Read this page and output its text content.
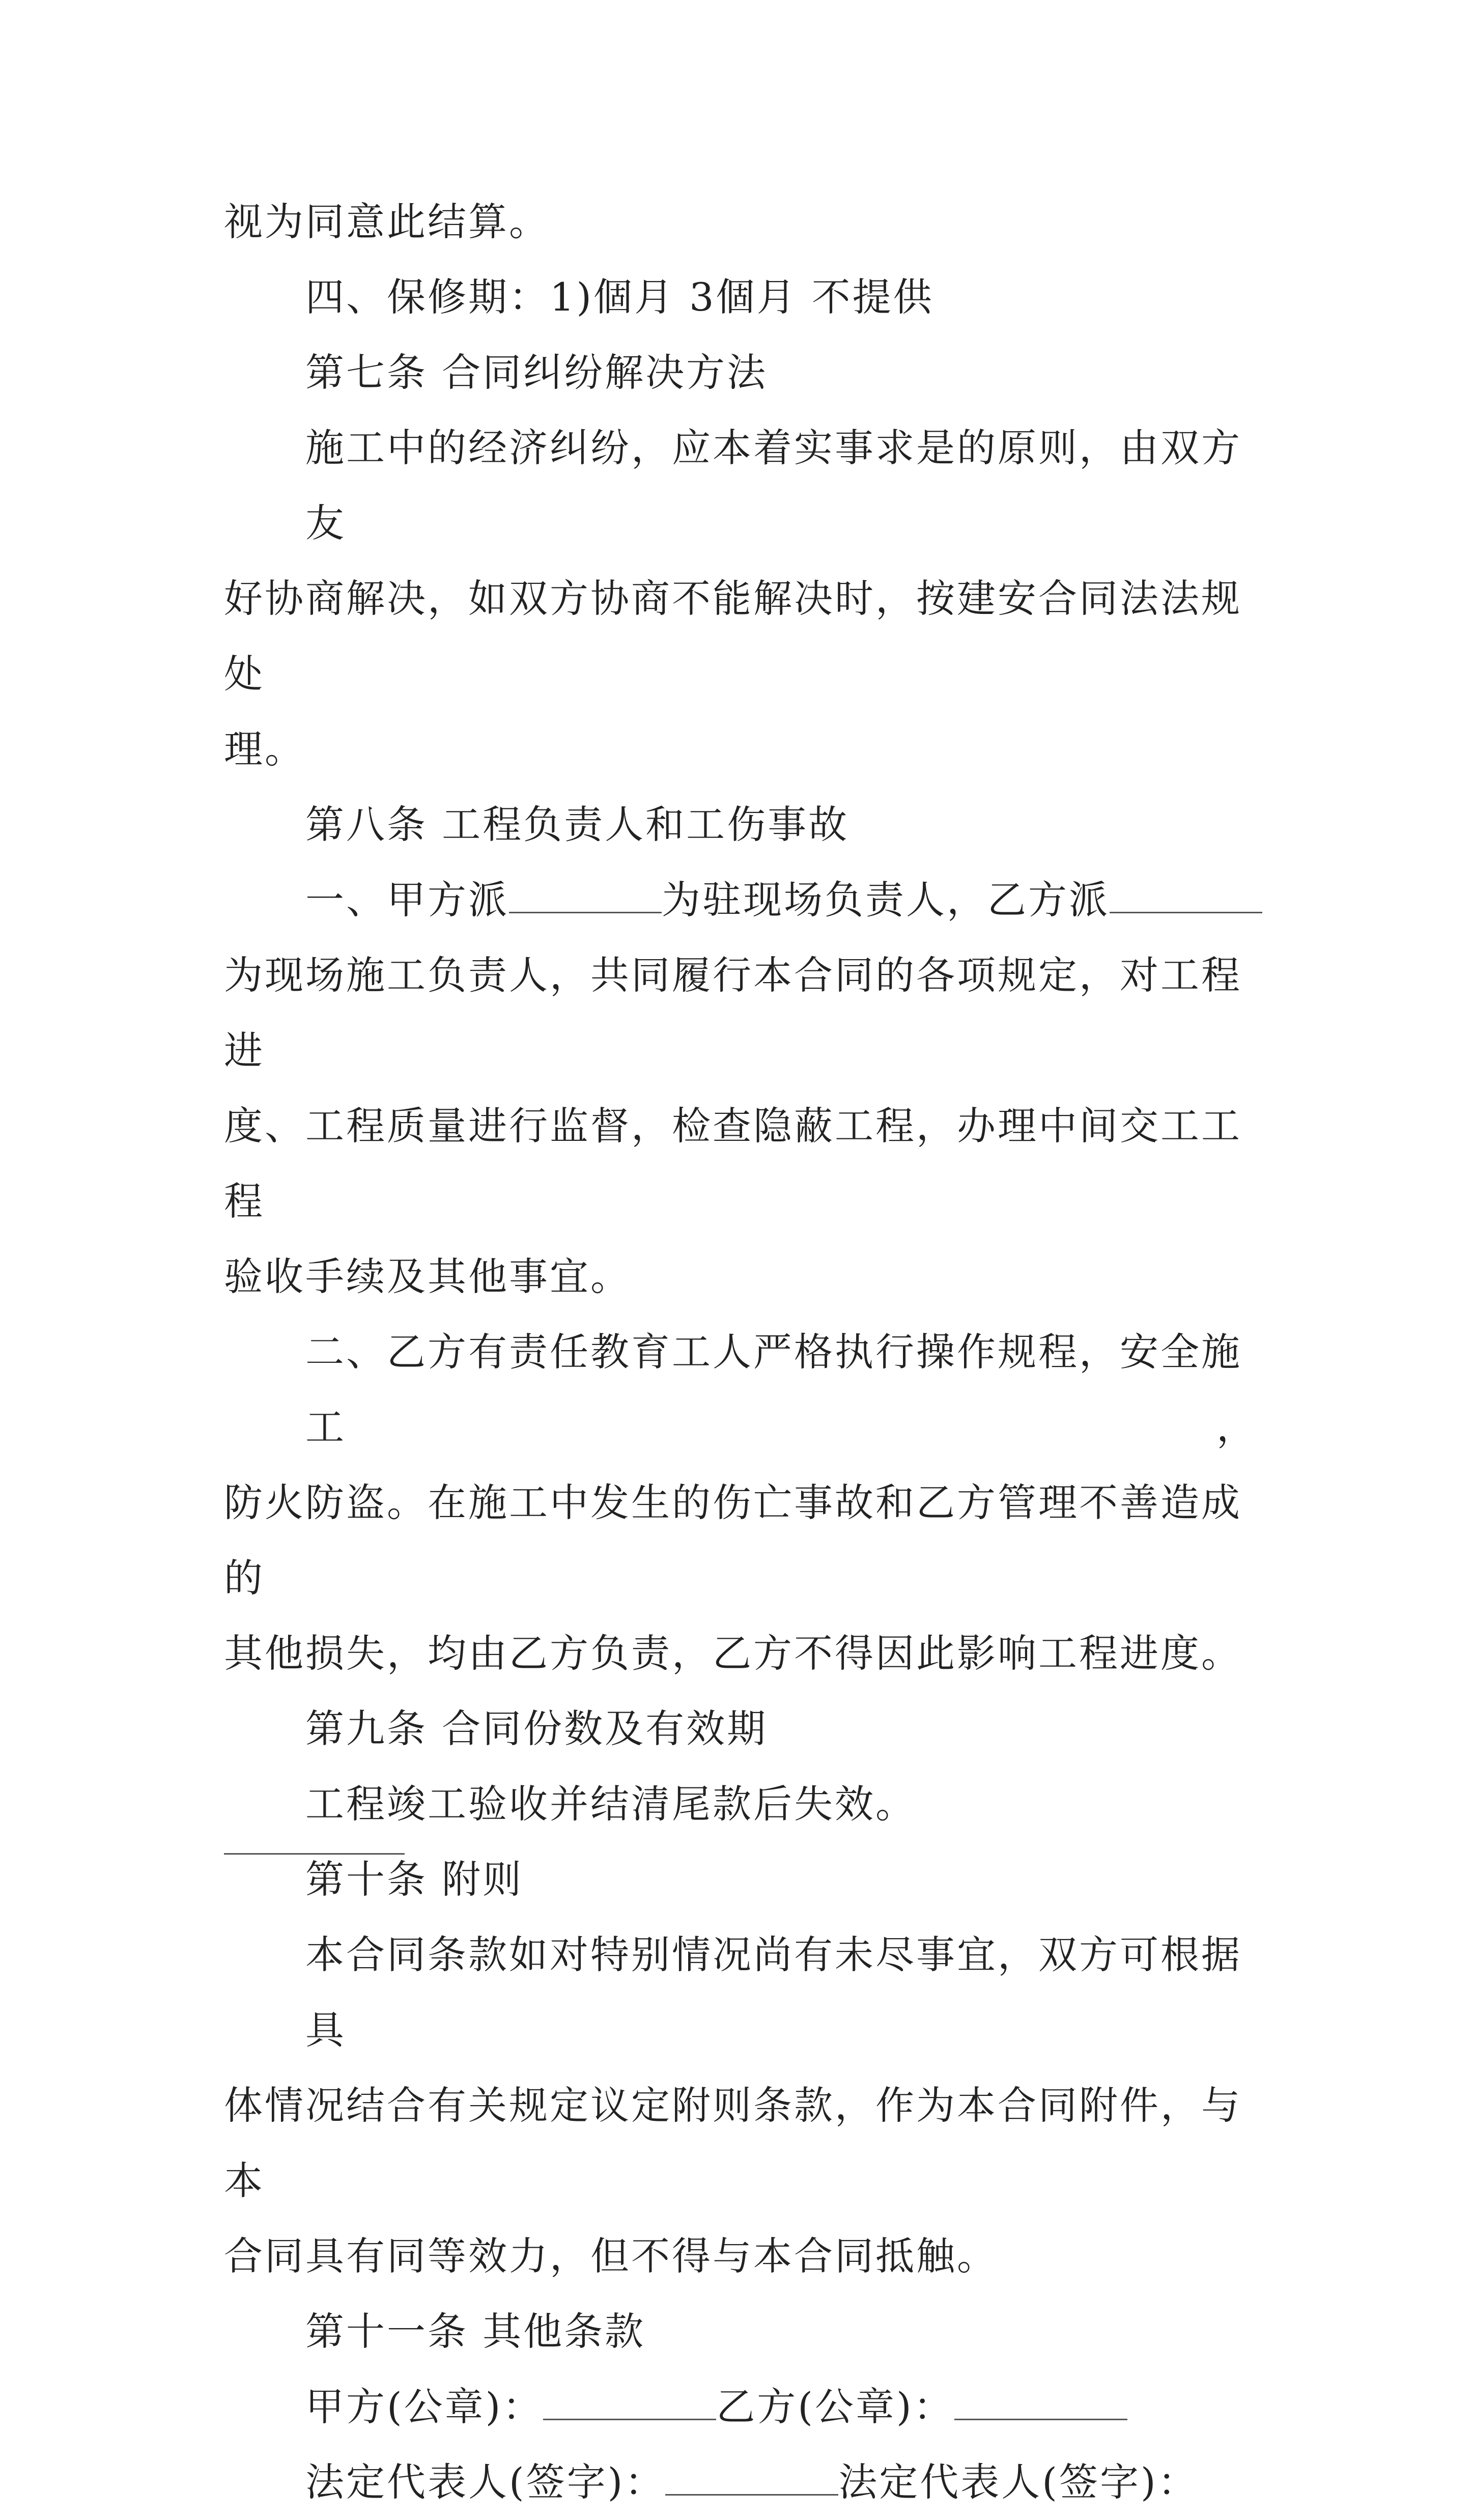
视为同意此结算。
四、保修期：1)個月 3個月 不提供
第七条 合同纠纷解决方法
施工中的经济纠纷，应本着实事求是的原则，由双方友
好协商解决，如双方协商不能解决时，按建安合同法法规处
理。
第八条 工程负责人和工伤事故
一、甲方派	为驻现场负责人，乙方派
为现场施工负责人，共同履行本合同的各项规定，对工程进
度、工程质量进行监督，检查隐蔽工程，办理中间交工工程
验收手续及其他事宜。
二、乙方有责任教育工人严格执行操作规程，安全施工，
防火防盗。在施工中发生的伤亡事故和乙方管理不善造成的
其他损失，均由乙方负责，乙方不得因此影响工程进度。
第九条 合同份数及有效期
工程竣工验收并结清尾款后失效。
第十条 附则
本合同条款如对特别情况尚有未尽事宜，双方可根据具
体情况结合有关规定议定附则条款，作为本合同附件，与本
合同具有同等效力，但不得与本合同抵触。
第十一条 其他条款
甲方(公章)：	乙方(公章)：
法定代表人(签字)：	法定代表人(签字)：
